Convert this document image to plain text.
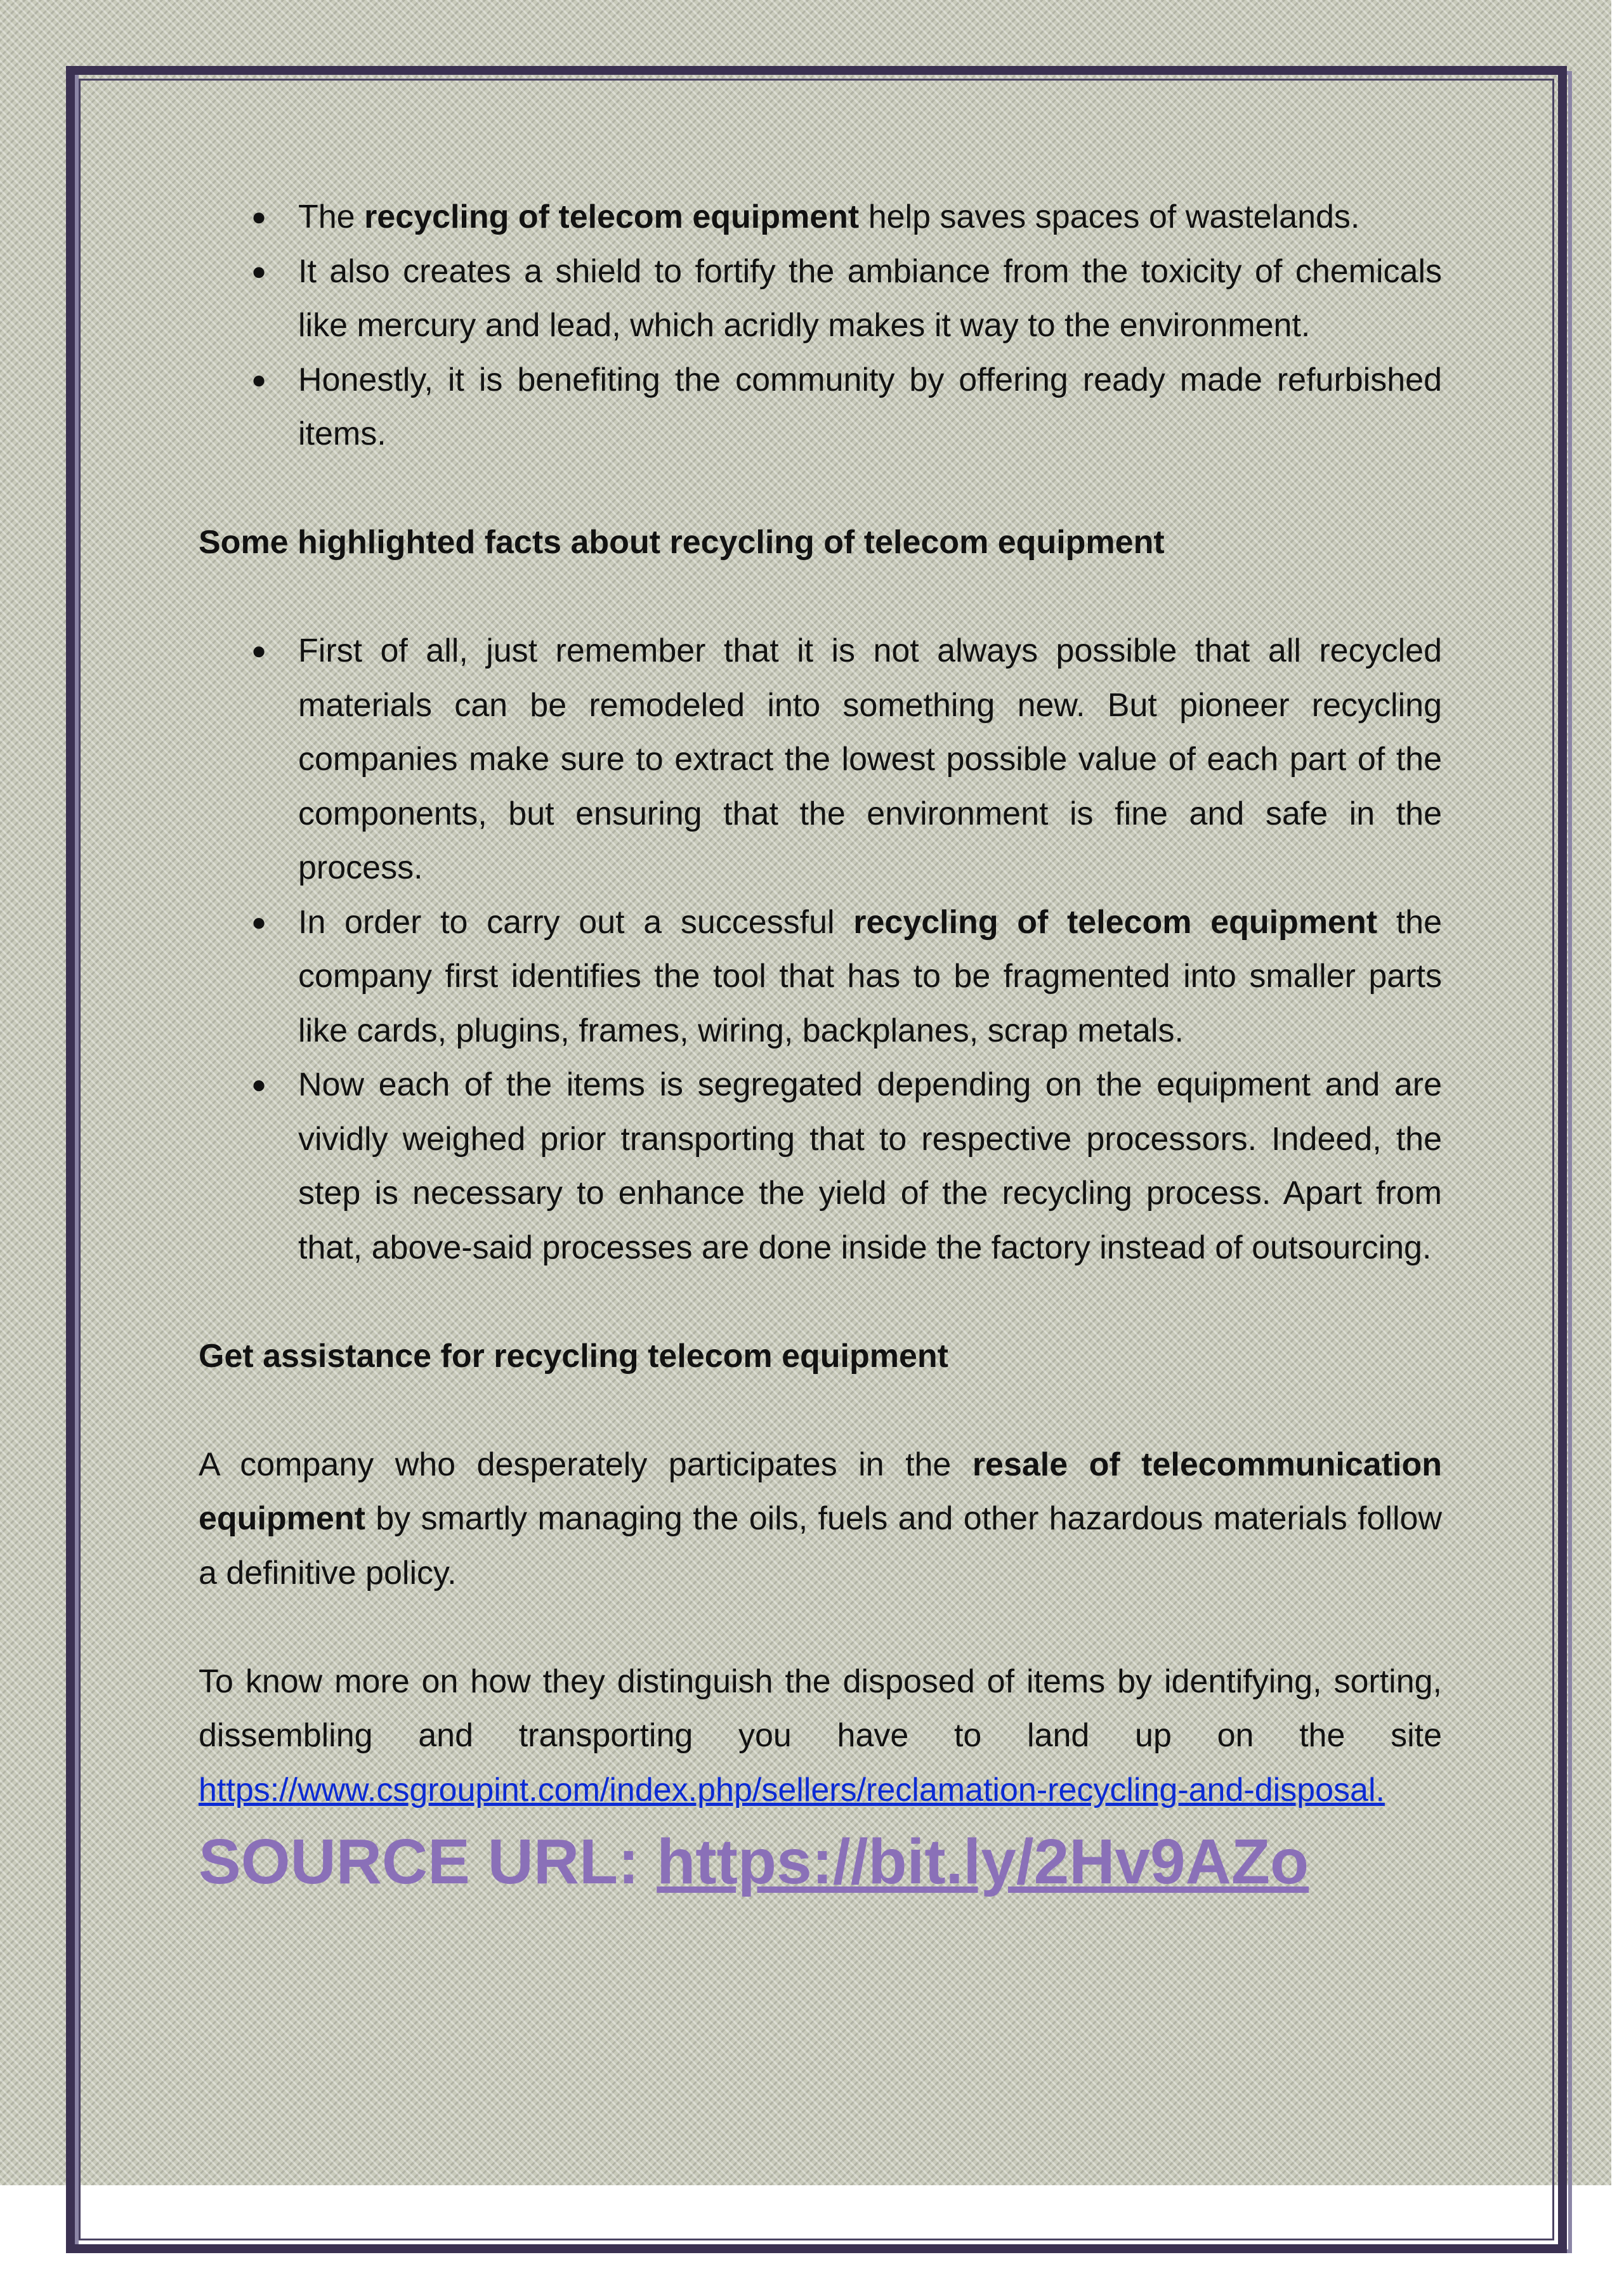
● The recycling of telecom equipment help saves spaces of wastelands.
● It also creates a shield to fortify the ambiance from the toxicity of chemicals like mercury and lead, which acridly makes it way to the environment.
● Honestly, it is benefiting the community by offering ready made refurbished items.

Some highlighted facts about recycling of telecom equipment

● First of all, just remember that it is not always possible that all recycled materials can be remodeled into something new. But pioneer recycling companies make sure to extract the lowest possible value of each part of the components, but ensuring that the environment is fine and safe in the process.
● In order to carry out a successful recycling of telecom equipment the company first identifies the tool that has to be fragmented into smaller parts like cards, plugins, frames, wiring, backplanes, scrap metals.
● Now each of the items is segregated depending on the equipment and are vividly weighed prior transporting that to respective processors. Indeed, the step is necessary to enhance the yield of the recycling process. Apart from that, above-said processes are done inside the factory instead of outsourcing.

Get assistance for recycling telecom equipment

A company who desperately participates in the resale of telecommunication equipment by smartly managing the oils, fuels and other hazardous materials follow a definitive policy.

To know more on how they distinguish the disposed of items by identifying, sorting, dissembling and transporting you have to land up on the site https://www.csgroupint.com/index.php/sellers/reclamation-recycling-and-disposal.

SOURCE URL: https://bit.ly/2Hv9AZo
